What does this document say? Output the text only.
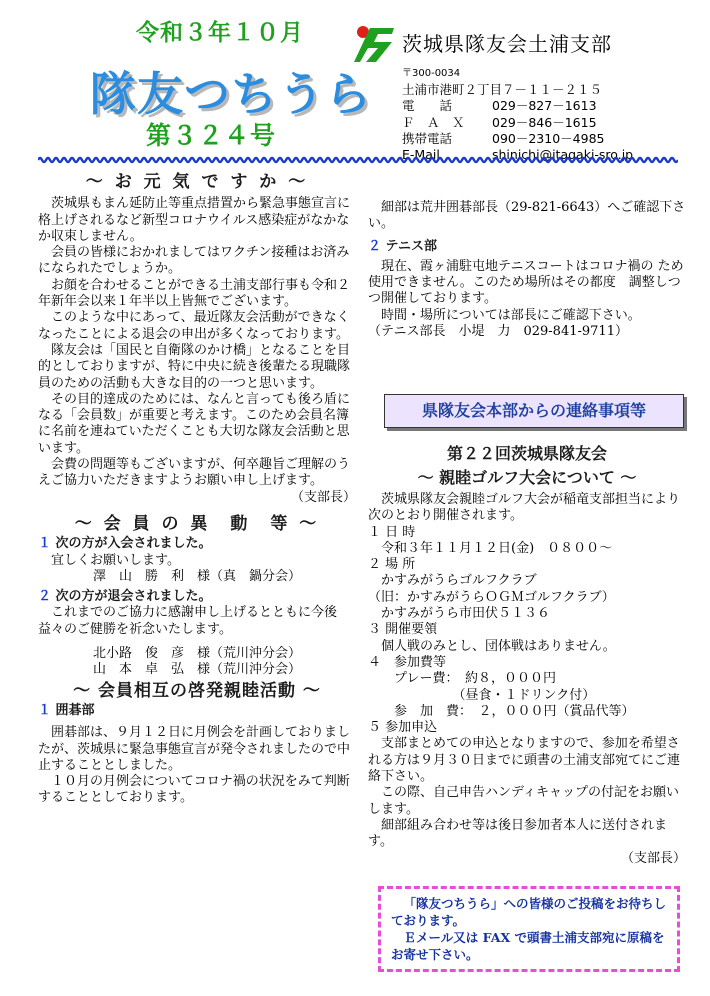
令和３年１０月
隊友つちうら
第３２４号
茨城県隊友会土浦支部
〒300-0034
土浦市港町２丁目７－１１－２１５
電　　話	029－827－1613
Ｆ　Ａ　Ｘ 029－846－1615
携帯電話	090－2310－4985
E-Mail	shinichi@itagaki-sro.jp
～ お 元 気 で す か ～

茨城県もまん延防止等重点措置から緊急事態宣言に格上げされるなど新型コロナウイルス感染症がなかなか収束しません。

会員の皆様におかれましてはワクチン接種はお済みになられたでしょうか。

お顔を合わせることができる土浦支部行事も令和２年新年会以来１年半以上皆無でございます。

このような中にあって、最近隊友会活動ができなくなったことによる退会の申出が多くなっております。

隊友会は「国民と自衛隊のかけ橋」となることを目的としておりますが、特に中央に続き後輩たる現職隊員のための活動も大きな目的の一つと思います。

その目的達成のためには、なんと言っても後ろ盾になる「会員数」が重要と考えます。このため会員名簿に名前を連ねていただくことも大切な隊友会活動と思います。

会費の問題等もございますが、何卒趣旨ご理解のうえご協力いただきますようお願い申し上げます。

（支部長）

～ 会 員 の 異　動　等 ～
１ 次の方が入会されました。

宜しくお願いします。

澤　山　勝　利　様（真　鍋分会）

２ 次の方が退会されました。

これまでのご協力に感謝申し上げるとともに今後益々のご健勝を祈念いたします。

北小路　俊　彦　様（荒川沖分会）

山　本　卓　弘　様（荒川沖分会）

～ 会員相互の啓発親睦活動 ～
１ 囲碁部

囲碁部は、９月１２日に月例会を計画しておりましたが、茨城県に緊急事態宣言が発令されましたので中止することとしました。

１０月の月例会についてコロナ禍の状況をみて判断することとしております。

細部は荒井囲碁部長（29-821-6643）へご確認下さい。

２ テニス部

現在、霞ヶ浦駐屯地テニスコートはコロナ禍の ため使用できません。このため場所はその都度　調整しつつ開催しております。

時間・場所については部長にご確認下さい。

（テニス部長　小堤　力　029-841-9711）

県隊友会本部からの連絡事項等
第２２回茨城県隊友会
～ 親睦ゴルフ大会について ～

茨城県隊友会親睦ゴルフ大会が稲竜支部担当により次のとおり開催されます。

１ 日 時

　令和３年１１月１２日(金)　０８００～

２ 場 所

　かすみがうらゴルフクラブ

（旧：かすみがうらＯＧＭゴルフクラブ）

　かすみがうら市田伏５１３６

３ 開催要領

　個人戦のみとし、団体戦はありません。

４　参加費等

　　プレー費：　約８，０００円

　　　　　　　（昼食・１ドリンク付）

　　参　加　費：　２，０００円（賞品代等）

５ 参加申込

支部まとめての申込となりますので、参加を希望される方は９月３０日までに頭書の土浦支部宛てにご連絡下さい。

この際、自己申告ハンディキャップの付記をお願いします。

細部組み合わせ等は後日参加者本人に送付されます。

（支部長）

「隊友つちうら」への皆様のご投稿をお待ちしております。

Ｅメール又は FAX で頭書土浦支部宛に原稿をお寄せ下さい。
